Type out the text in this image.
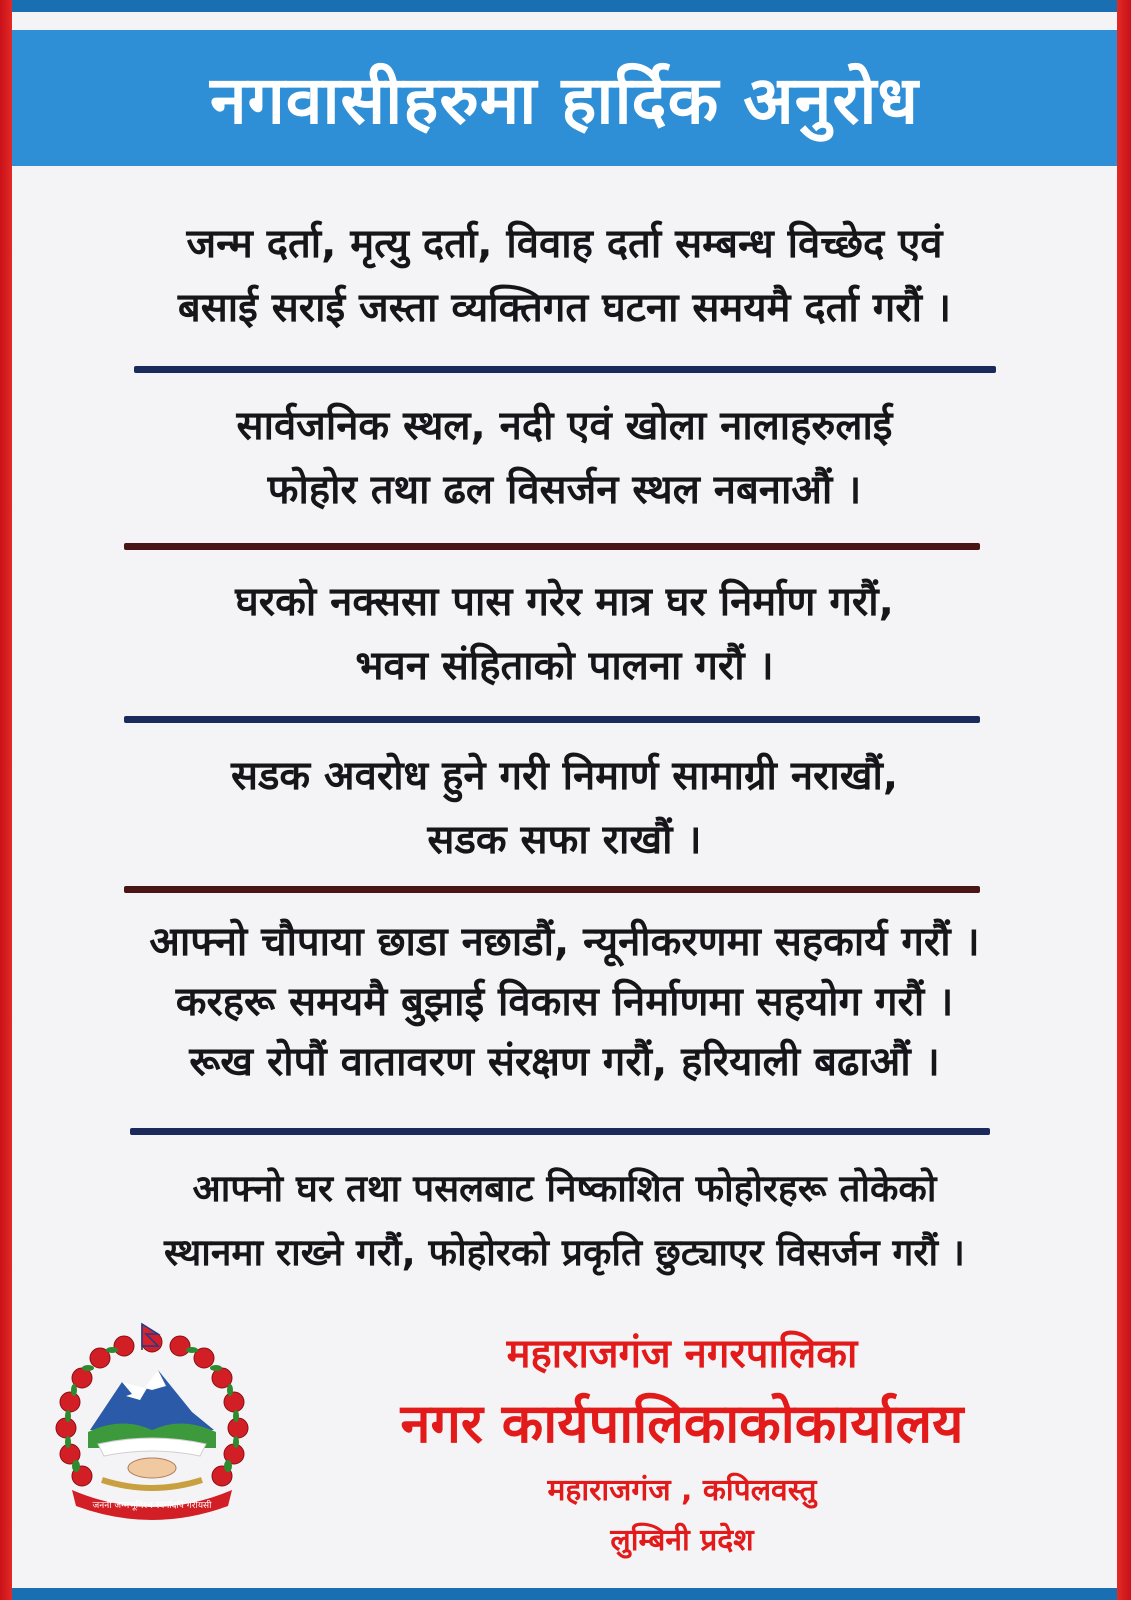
नगवासीहरुमा हार्दिक अनुरोध
जन्म दर्ता, मृत्यु दर्ता, विवाह दर्ता सम्बन्ध विच्छेद एवं
बसाई सराई जस्ता व्यक्तिगत घटना समयमै दर्ता गरौं ।
सार्वजनिक स्थल, नदी एवं खोला नालाहरुलाई
फोहोर तथा ढल विसर्जन स्थल नबनाऔं ।
घरको नक्ससा पास गरेर मात्र घर निर्माण गरौं,
भवन संहिताको पालना गरौं ।
सडक अवरोध हुने गरी निमार्ण सामाग्री नराखौं,
सडक सफा राखौं ।
आफ्नो चौपाया छाडा नछाडौं, न्यूनीकरणमा सहकार्य गरौं ।
करहरू समयमै बुझाई विकास निर्माणमा सहयोग गरौं ।
रूख रोपौं वातावरण संरक्षण गरौं, हरियाली बढाऔं ।
आफ्नो घर तथा पसलबाट निष्काशित फोहोरहरू तोकेको
स्थानमा राख्ने गरौं, फोहोरको प्रकृति छुट्याएर विसर्जन गरौं ।
जननी जन्मभूमिश्च स्वर्गादपि गरीयसी
महाराजगंज नगरपालिका
नगर कार्यपालिकाकोकार्यालय
महाराजगंज , कपिलवस्तु
लुम्बिनी प्रदेश
